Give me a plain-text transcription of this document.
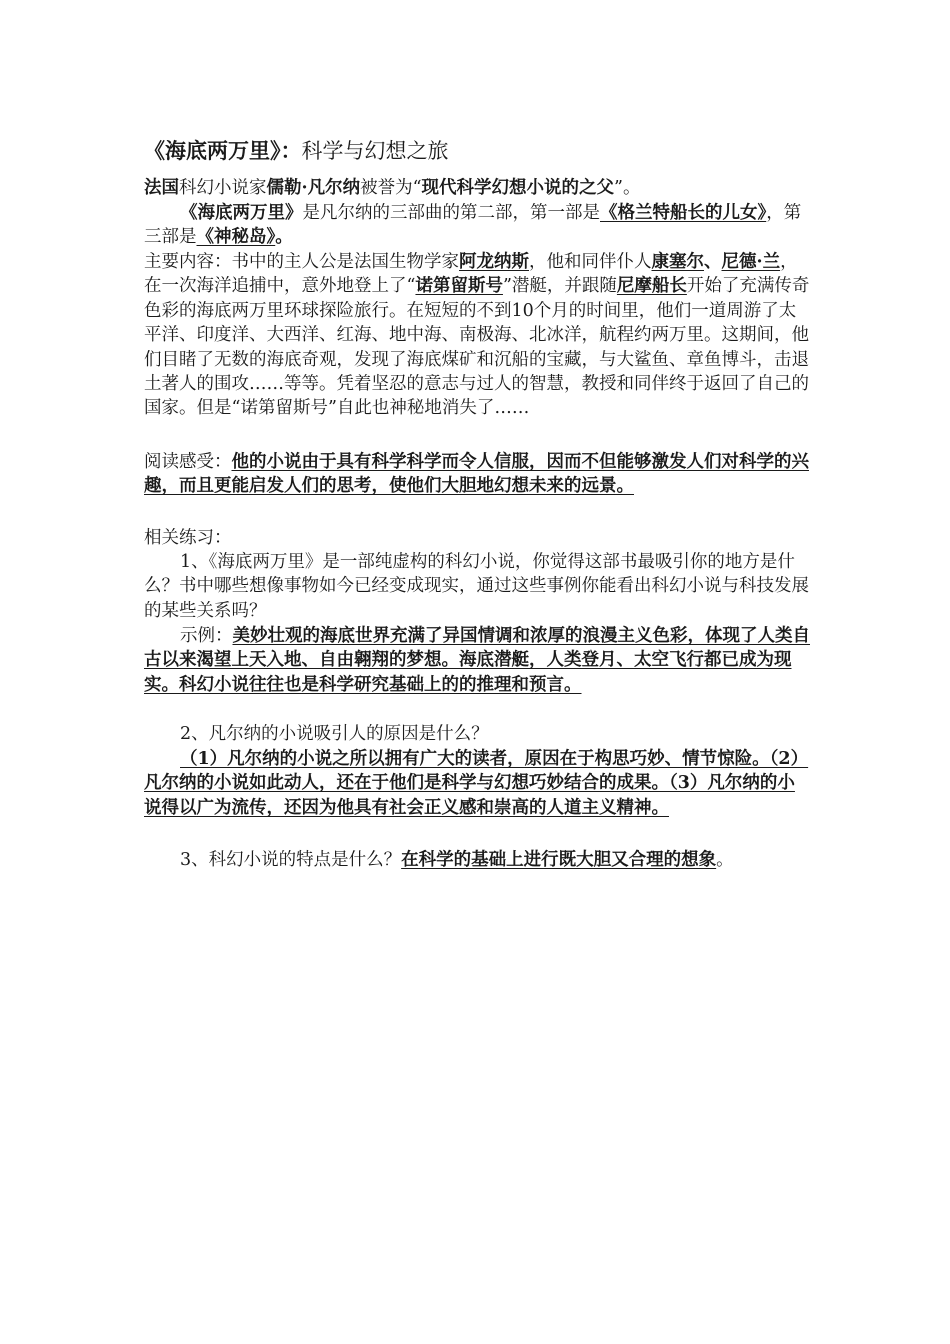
《海底两万里》：科学与幻想之旅
法国科幻小说家儒勒·凡尔纳被誉为“现代科学幻想小说的之父”。
《海底两万里》是凡尔纳的三部曲的第二部，第一部是《格兰特船长的儿女》，第三部是《神秘岛》。
主要内容：书中的主人公是法国生物学家阿龙纳斯，他和同伴仆人康塞尔、尼德·兰，在一次海洋追捕中，意外地登上了“诺第留斯号”潜艇，并跟随尼摩船长开始了充满传奇色彩的海底两万里环球探险旅行。在短短的不到10个月的时间里，他们一道周游了太平洋、印度洋、大西洋、红海、地中海、南极海、北冰洋，航程约两万里。这期间，他们目睹了无数的海底奇观，发现了海底煤矿和沉船的宝藏，与大鲨鱼、章鱼博斗，击退土著人的围攻……等等。凭着坚忍的意志与过人的智慧，教授和同伴终于返回了自己的国家。但是“诺第留斯号”自此也神秘地消失了……
阅读感受：他的小说由于具有科学科学而令人信服，因而不但能够激发人们对科学的兴趣，而且更能启发人们的思考，使他们大胆地幻想未来的远景。
相关练习：
1、《海底两万里》是一部纯虚构的科幻小说，你觉得这部书最吸引你的地方是什么？书中哪些想像事物如今已经变成现实，通过这些事例你能看出科幻小说与科技发展的某些关系吗？
示例：美妙壮观的海底世界充满了异国情调和浓厚的浪漫主义色彩，体现了人类自古以来渴望上天入地、自由翱翔的梦想。海底潜艇，人类登月、太空飞行都已成为现实。科幻小说往往也是科学研究基础上的的推理和预言。
2、凡尔纳的小说吸引人的原因是什么？
（1）凡尔纳的小说之所以拥有广大的读者，原因在于构思巧妙、情节惊险。（2）凡尔纳的小说如此动人，还在于他们是科学与幻想巧妙结合的成果。（3）凡尔纳的小说得以广为流传，还因为他具有社会正义感和崇高的人道主义精神。
3、科幻小说的特点是什么？在科学的基础上进行既大胆又合理的想象。
